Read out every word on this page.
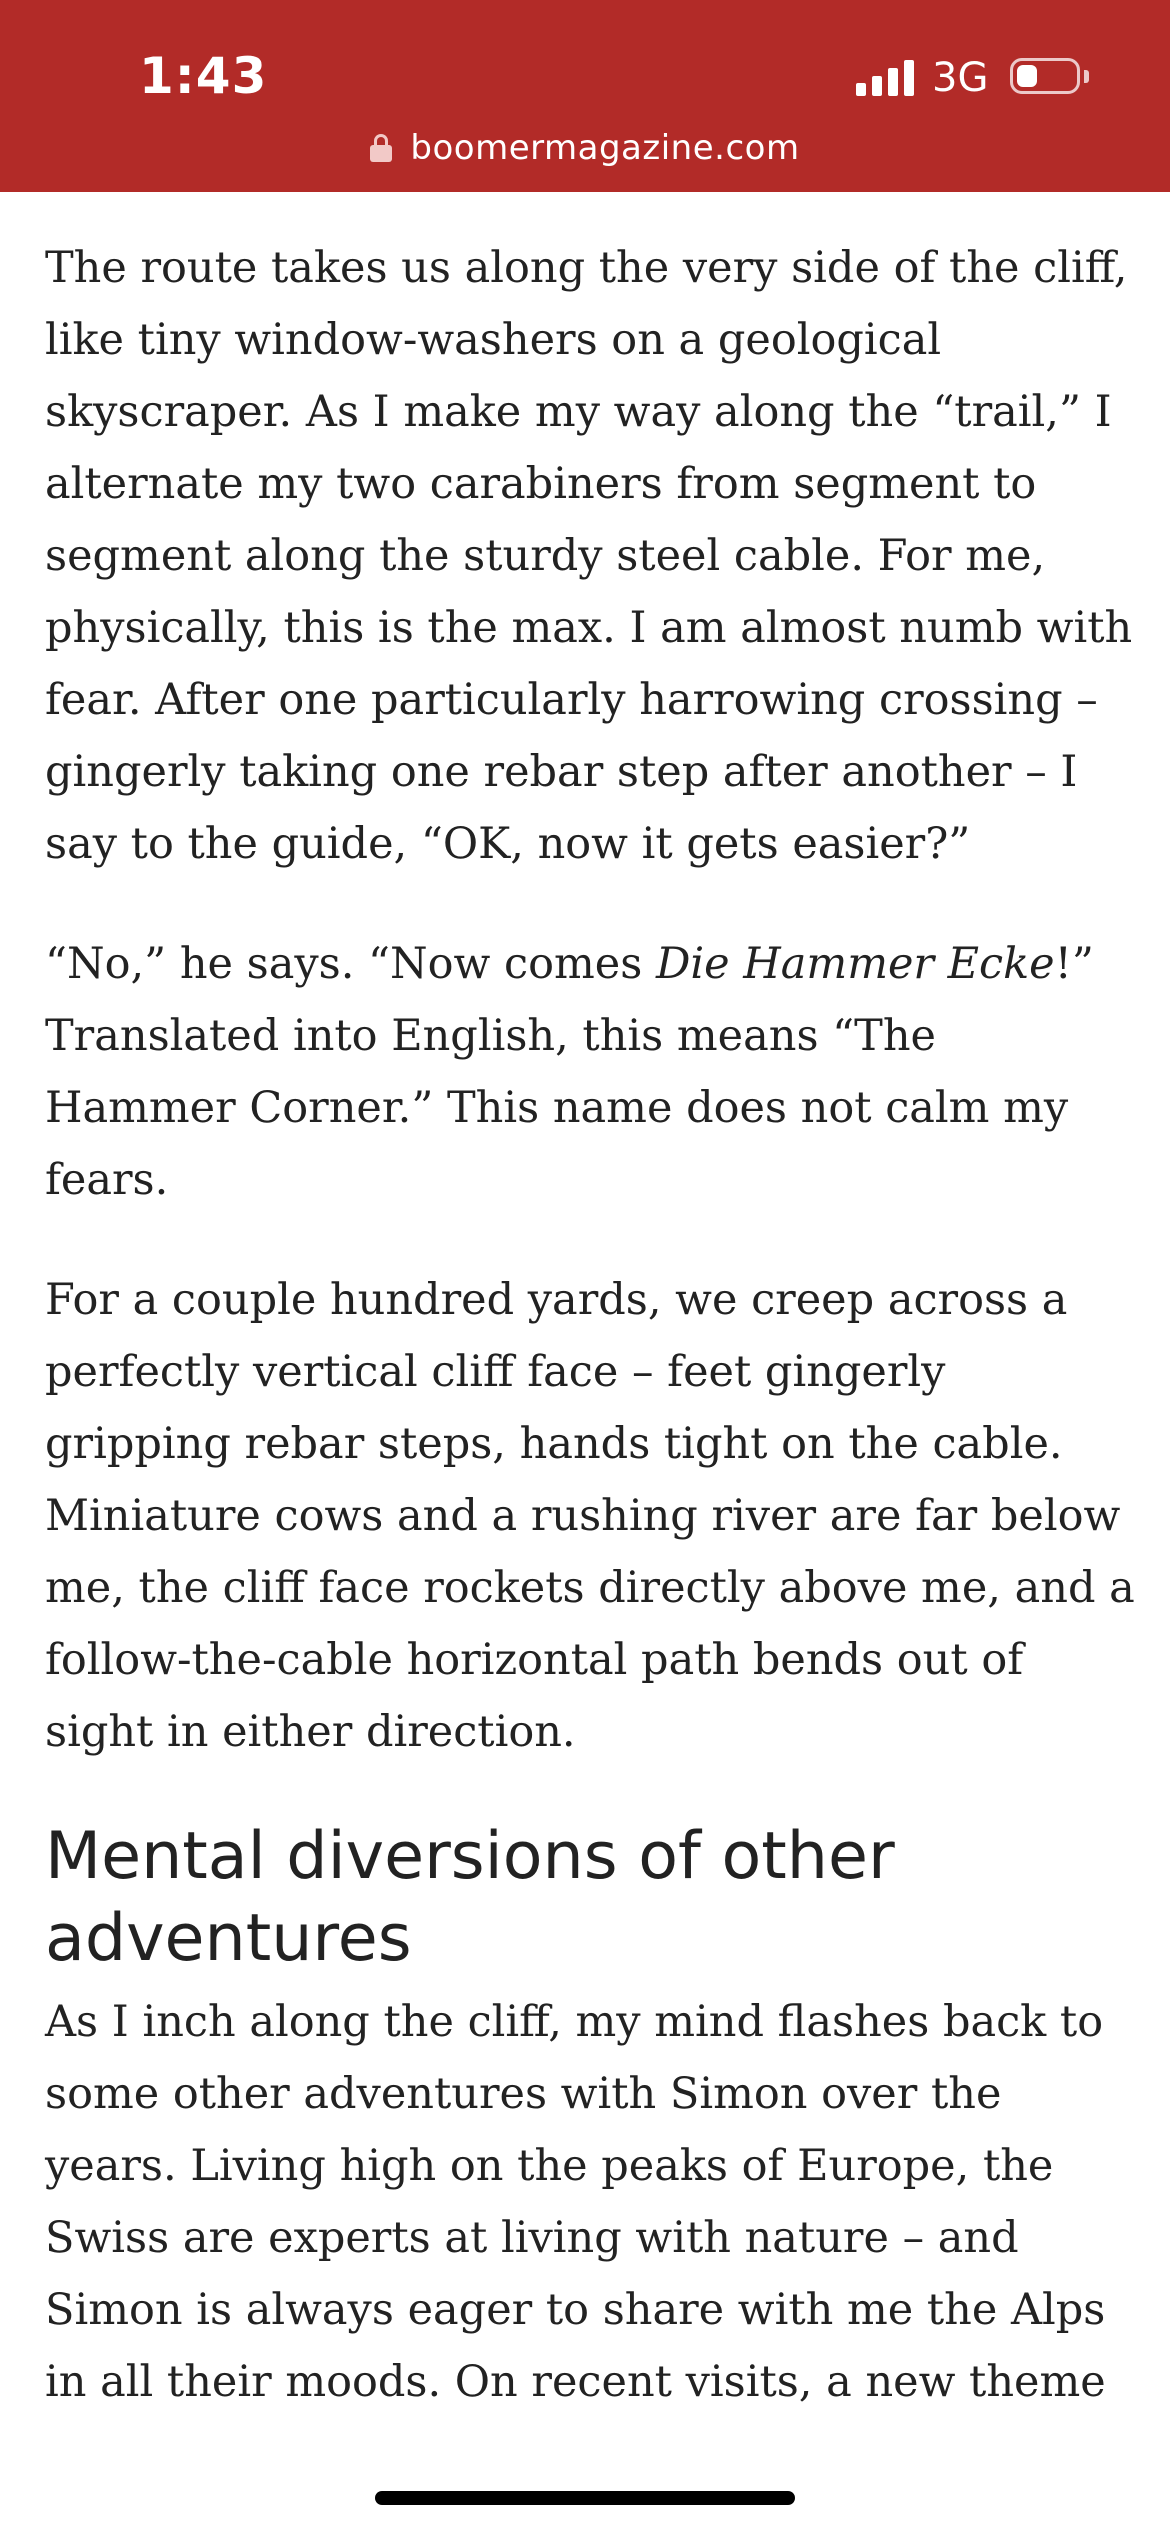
1:43	3G
boomermagazine.com

The route takes us along the very side of the cliff, like tiny window-washers on a geological skyscraper. As I make my way along the “trail,” I alternate my two carabiners from segment to segment along the sturdy steel cable. For me, physically, this is the max. I am almost numb with fear. After one particularly harrowing crossing – gingerly taking one rebar step after another – I say to the guide, “OK, now it gets easier?”

“No,” he says. “Now comes Die Hammer Ecke!” Translated into English, this means “The Hammer Corner.” This name does not calm my fears.

For a couple hundred yards, we creep across a perfectly vertical cliff face – feet gingerly gripping rebar steps, hands tight on the cable. Miniature cows and a rushing river are far below me, the cliff face rockets directly above me, and a follow-the-cable horizontal path bends out of sight in either direction.

Mental diversions of other adventures

As I inch along the cliff, my mind flashes back to some other adventures with Simon over the years. Living high on the peaks of Europe, the Swiss are experts at living with nature – and Simon is always eager to share with me the Alps in all their moods. On recent visits, a new theme
